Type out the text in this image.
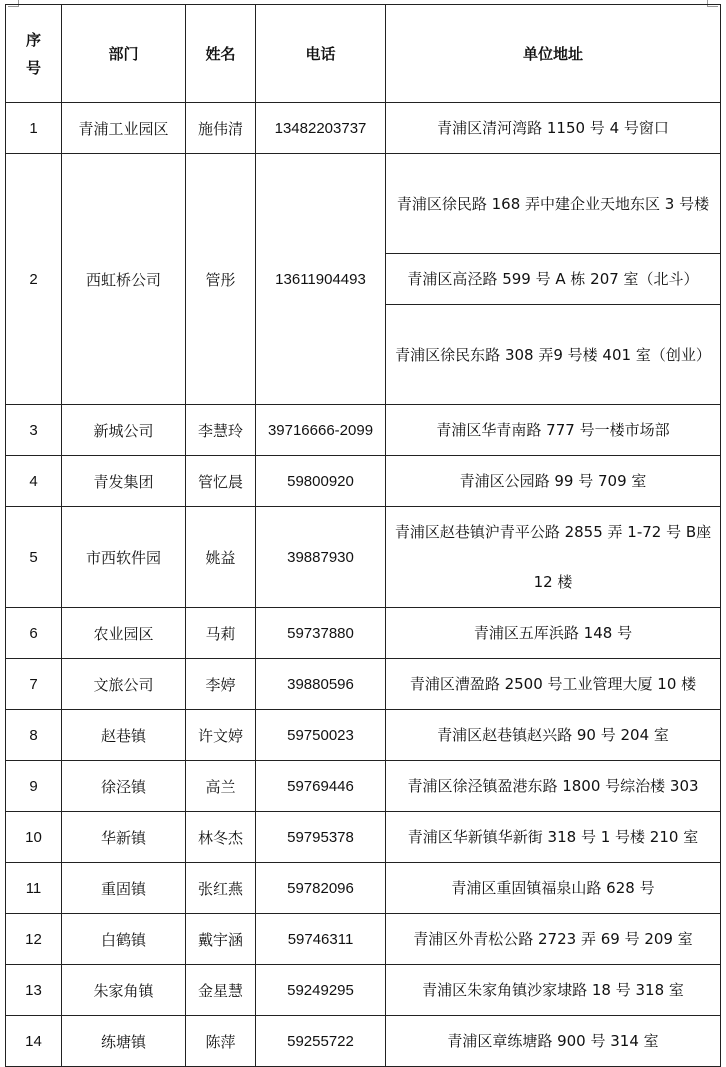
序
号	部门	姓名	电话	单位地址
1	青浦工业园区	施伟清	13482203737	青浦区清河湾路 1150 号 4 号窗口
2	西虹桥公司	管彤	13611904493	青浦区徐民路 168 弄中建企业天地东区 3 号楼
				青浦区高泾路 599 号 A 栋 207 室（北斗）
				青浦区徐民东路 308 弄9 号楼 401 室（创业）
3	新城公司	李慧玲	39716666-2099	青浦区华青南路 777 号一楼市场部
4	青发集团	管忆晨	59800920	青浦区公园路 99 号 709 室
5	市西软件园	姚益	39887930	青浦区赵巷镇沪青平公路 2855 弄 1-72 号 B座 12 楼
6	农业园区	马莉	59737880	青浦区五厍浜路 148 号
7	文旅公司	李婷	39880596	青浦区漕盈路 2500 号工业管理大厦 10 楼
8	赵巷镇	许文婷	59750023	青浦区赵巷镇赵兴路 90 号 204 室
9	徐泾镇	高兰	59769446	青浦区徐泾镇盈港东路 1800 号综治楼 303
10	华新镇	林冬杰	59795378	青浦区华新镇华新街 318 号 1 号楼 210 室
11	重固镇	张红燕	59782096	青浦区重固镇福泉山路 628 号
12	白鹤镇	戴宇涵	59746311	青浦区外青松公路 2723 弄 69 号 209 室
13	朱家角镇	金星慧	59249295	青浦区朱家角镇沙家埭路 18 号 318 室
14	练塘镇	陈萍	59255722	青浦区章练塘路 900 号 314 室
